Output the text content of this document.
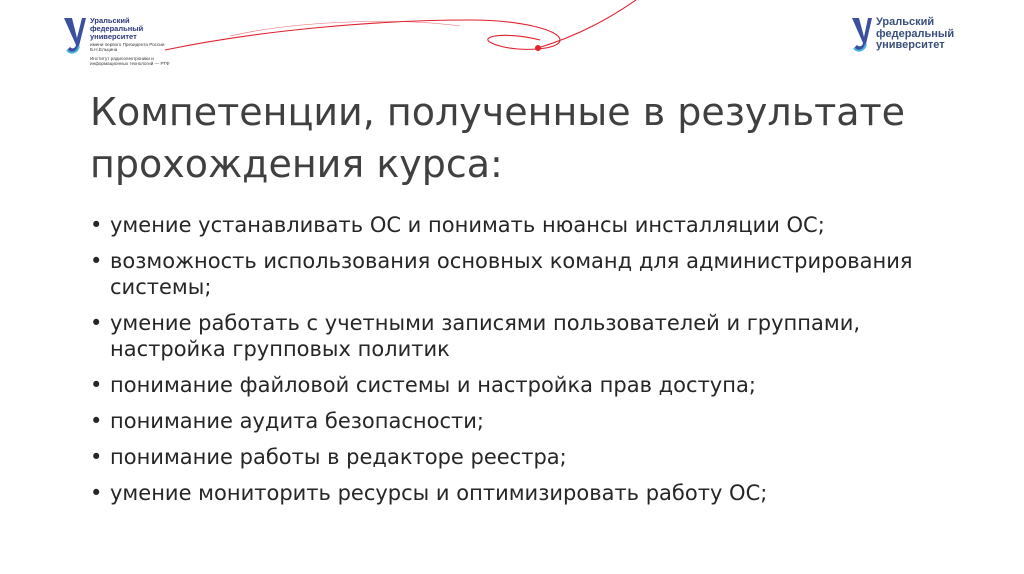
Уральский
федеральный
университет
имени первого Президента России Б.Н.Ельцина
Институт радиоэлектроники и информационных технологий — РТФ
Уральский
федеральный
университет
Компетенции, полученные в результате прохождения курса:
• умение устанавливать ОС и понимать нюансы инсталляции ОС;
• возможность использования основных команд для администрирования системы;
• умение работать с учетными записями пользователей и группами, настройка групповых политик
• понимание файловой системы и настройка прав доступа;
• понимание аудита безопасности;
• понимание работы в редакторе реестра;
• умение мониторить ресурсы и оптимизировать работу ОС;
